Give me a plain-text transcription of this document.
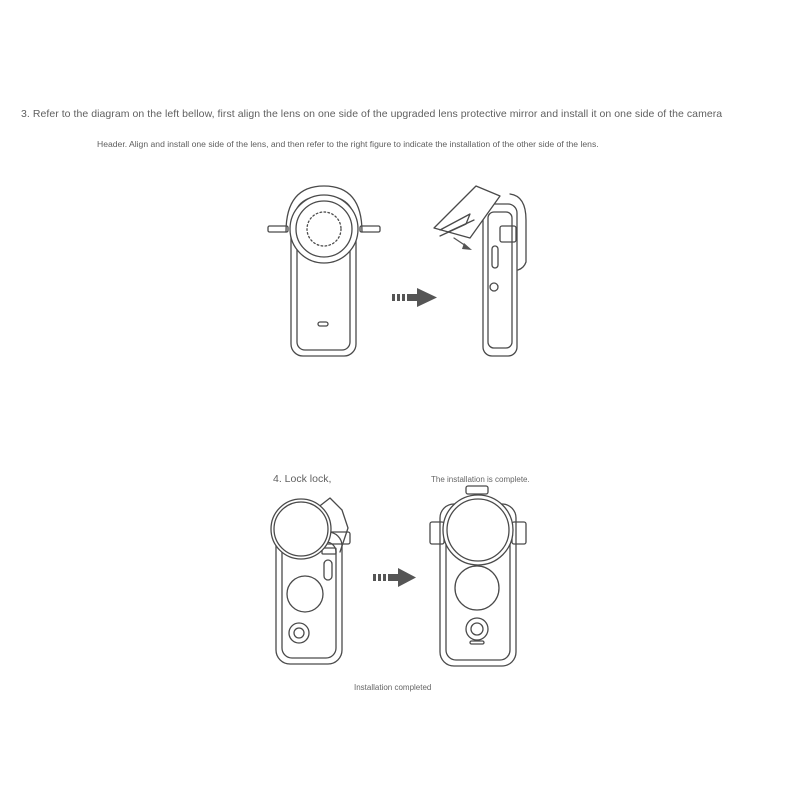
3. Refer to the diagram on the left bellow, first align the lens on one side of the upgraded lens protective mirror and install it on one side of the camera

Header. Align and install one side of the lens, and then refer to the right figure to indicate the installation of the other side of the lens.

4. Lock lock,	The installation is complete.

Installation completed
